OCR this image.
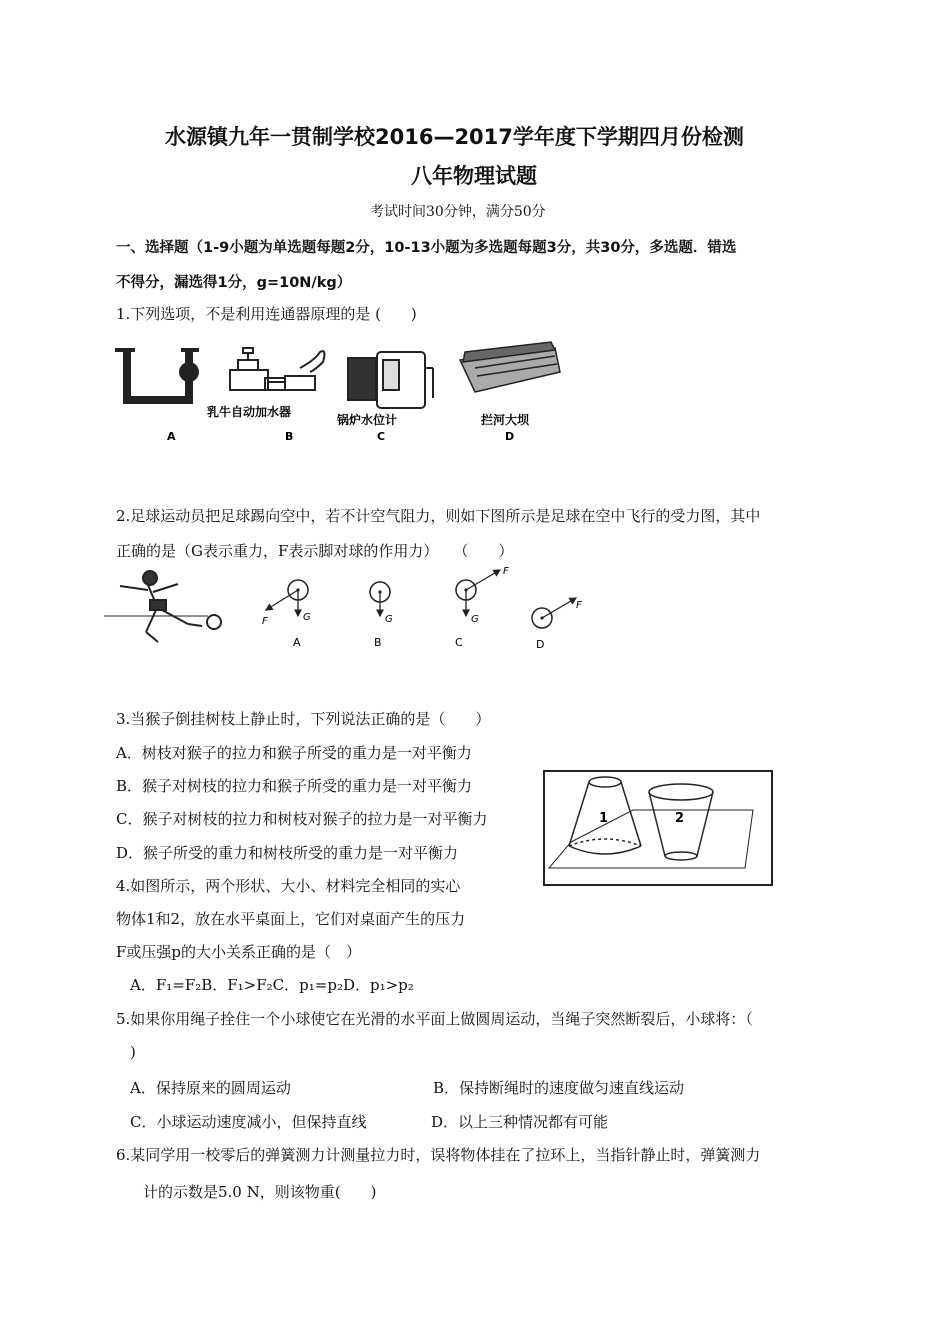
水源镇九年一贯制学校2016—2017学年度下学期四月份检测
八年物理试题
考试时间30分钟，满分50分
一、选择题（1-9小题为单选题每题2分，10-13小题为多选题每题3分，共30分，多选题．错选
不得分，漏选得1分，g=10N/kg）
1.下列选项，不是利用连通器原理的是 (　　)
乳牛自动加水器
锅炉水位计	拦河大坝
A	B	C	D
2.足球运动员把足球踢向空中，若不计空气阻力，则如下图所示是足球在空中飞行的受力图，其中
正确的是（G表示重力，F表示脚对球的作用力）　　（　　）
F	G
A
G
B
F
G
C
F
D
3.当猴子倒挂树枝上静止时，下列说法正确的是（　　）
A．树枝对猴子的拉力和猴子所受的重力是一对平衡力
B．猴子对树枝的拉力和猴子所受的重力是一对平衡力
C．猴子对树枝的拉力和树枝对猴子的拉力是一对平衡力
D．猴子所受的重力和树枝所受的重力是一对平衡力
1	2
4.如图所示，两个形状、大小、材料完全相同的实心
物体1和2，放在水平桌面上，它们对桌面产生的压力
F或压强p的大小关系正确的是（　）
A．F₁=F₂B．F₁>F₂C．p₁=p₂D．p₁>p₂
5.如果你用绳子拴住一个小球使它在光滑的水平面上做圆周运动，当绳子突然断裂后，小球将：（
)
A．保持原来的圆周运动	B．保持断绳时的速度做匀速直线运动
C．小球运动速度减小，但保持直线	D．以上三种情况都有可能
6.某同学用一校零后的弹簧测力计测量拉力时，误将物体挂在了拉环上，当指针静止时，弹簧测力
计的示数是5.0 N，则该物重(　　)
